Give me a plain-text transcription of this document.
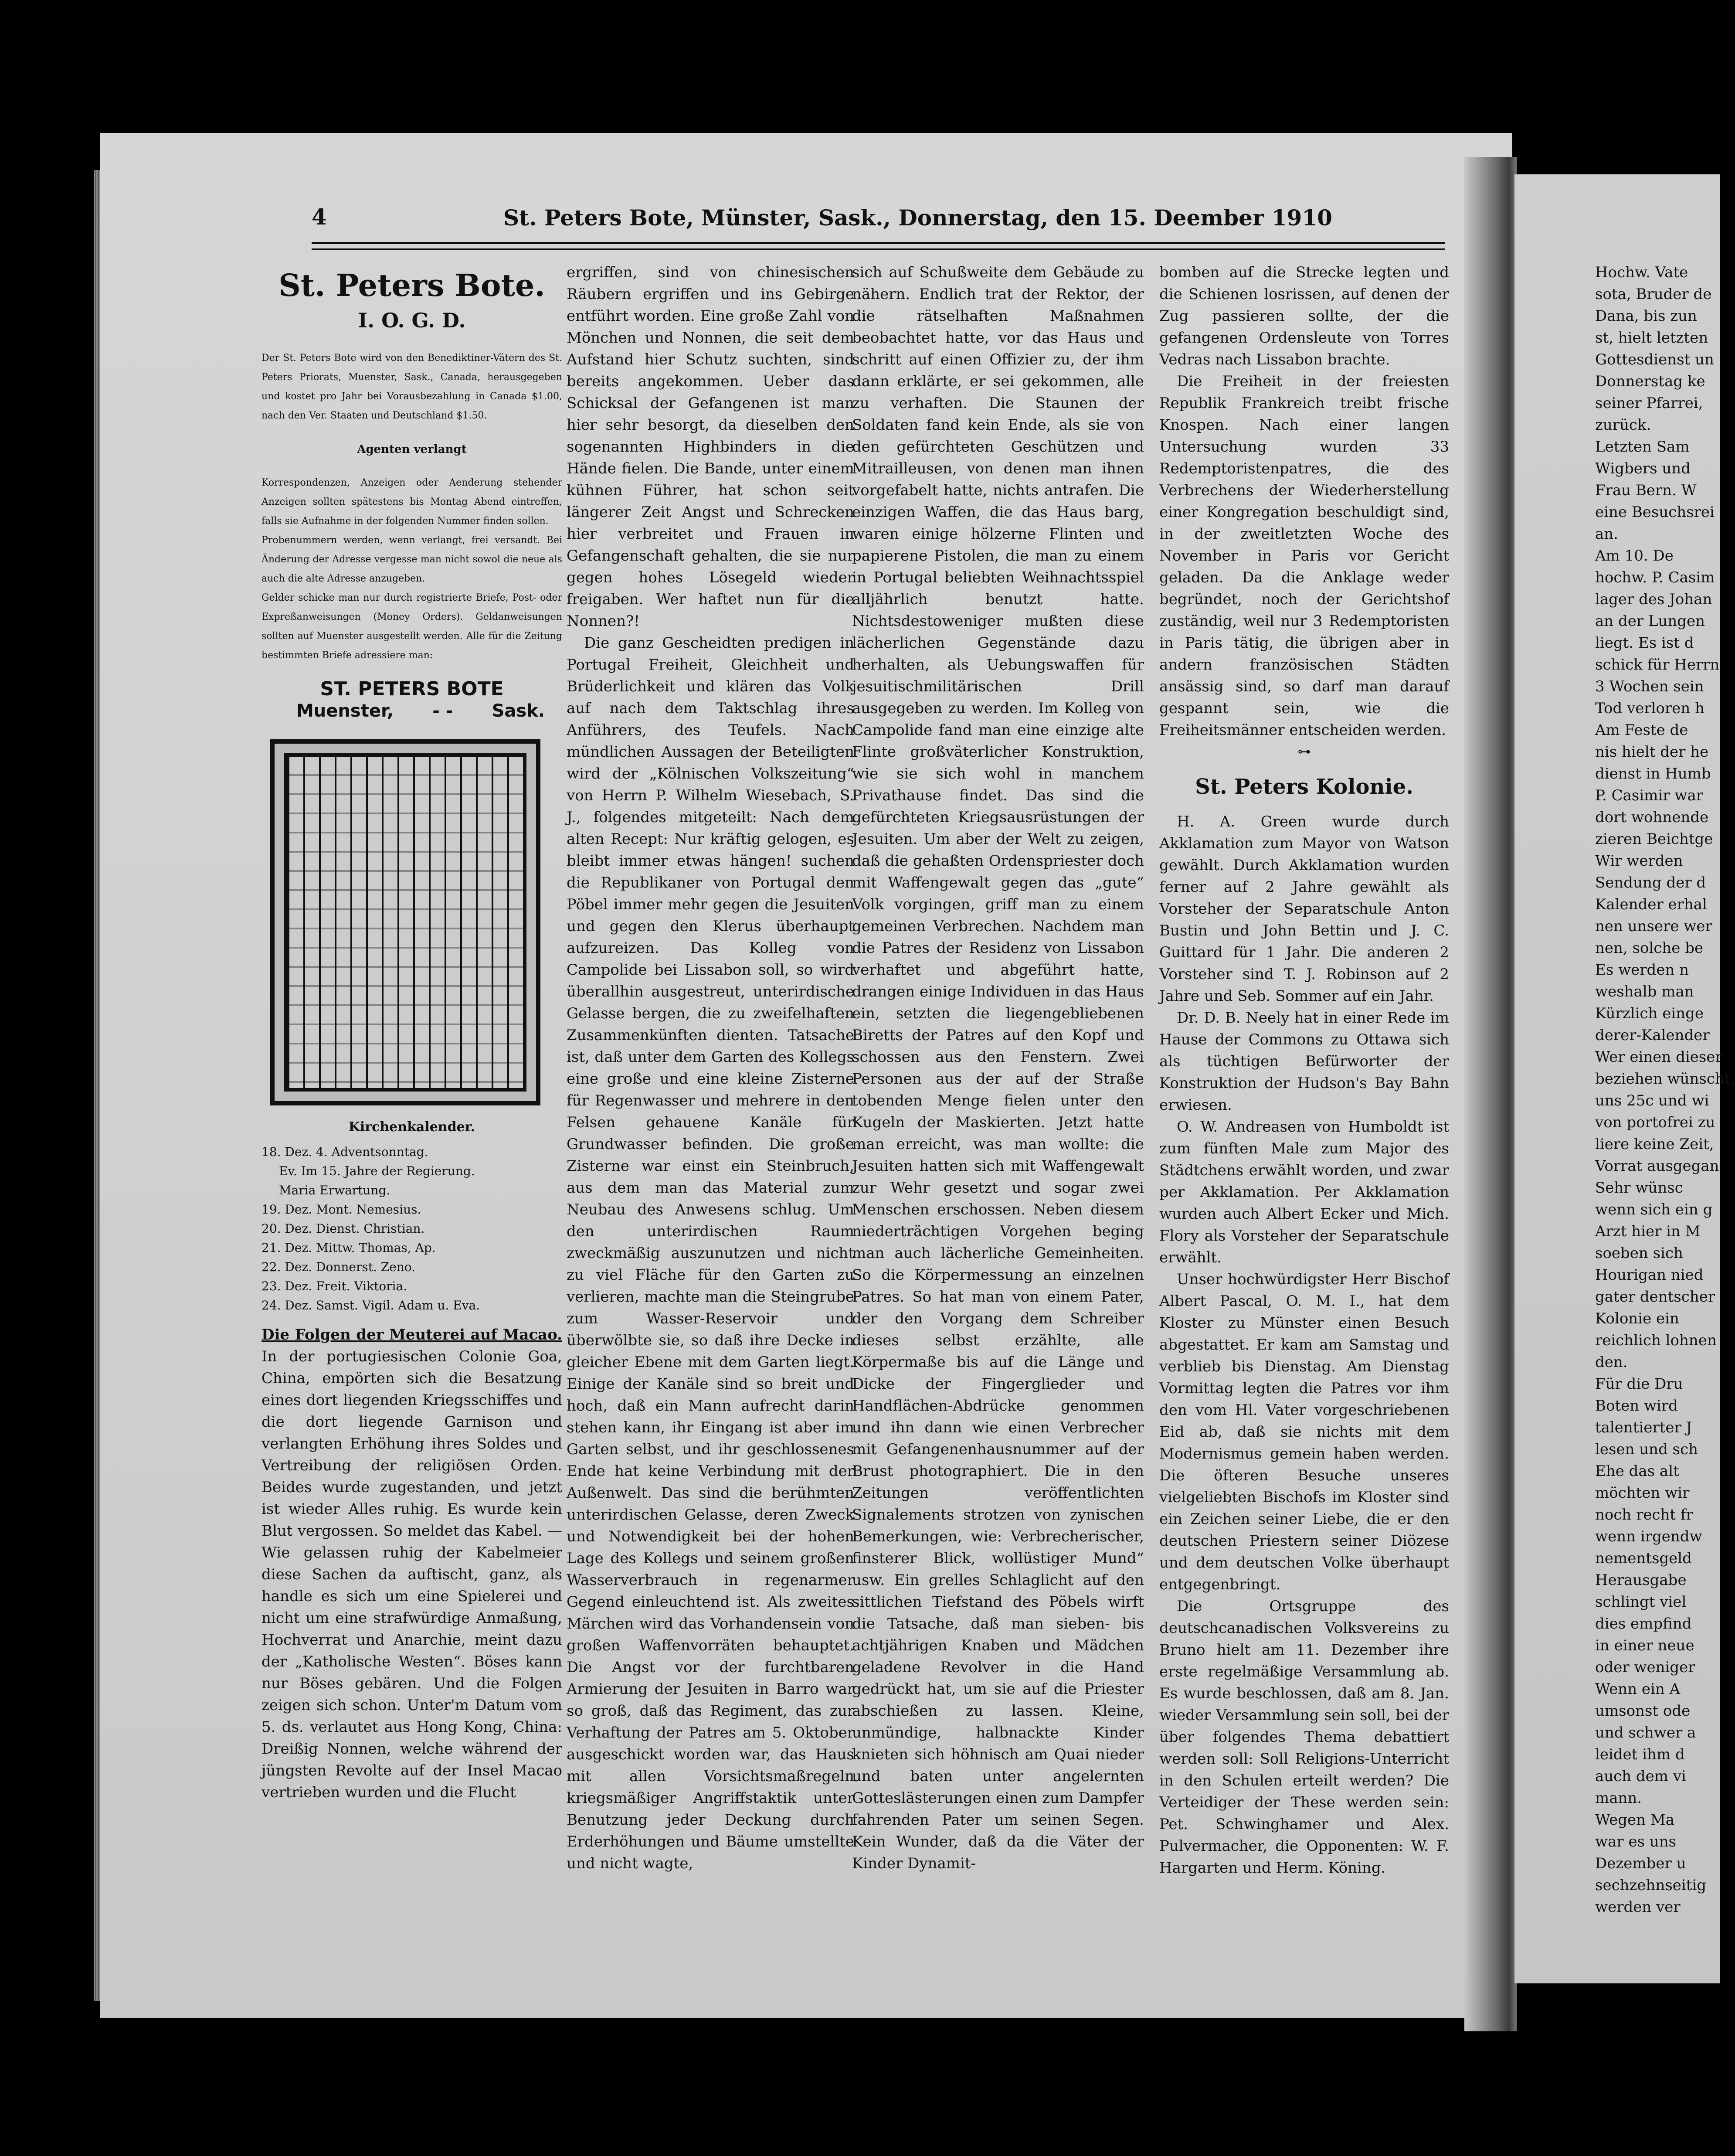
4	St. Peters Bote, Münster, Sask., Donnerstag, den 15. Deember 1910
St. Peters Bote.
I. O. G. D.

Der St. Peters Bote wird von den Benediktiner-Vätern des St. Peters Priorats, Muenster, Sask., Canada, herausgegeben und kostet pro Jahr bei Vorausbezahlung in Canada $1.00, nach den Ver. Staaten und Deutschland $1.50.

Agenten verlangt

Korrespondenzen, Anzeigen oder Aenderung stehender Anzeigen sollten spätestens bis Montag Abend eintreffen, falls sie Aufnahme in der folgenden Nummer finden sollen.

Probenummern werden, wenn verlangt, frei versandt. Bei Änderung der Adresse vergesse man nicht sowol die neue als auch die alte Adresse anzugeben.

Gelder schicke man nur durch registrierte Briefe, Post- oder Expreßanweisungen (Money Orders). Geldanweisungen sollten auf Muenster ausgestellt werden. Alle für die Zeitung bestimmten Briefe adressiere man:

ST. PETERS BOTE
Muenster, - - Sask.
Kirchenkalender.
18. Dez. 4. Adventsonntag.
Ev. Im 15. Jahre der Regierung.
Maria Erwartung.
19. Dez. Mont. Nemesius.
20. Dez. Dienst. Christian.
21. Dez. Mittw. Thomas, Ap.
22. Dez. Donnerst. Zeno.
23. Dez. Freit. Viktoria.
24. Dez. Samst. Vigil. Adam u. Eva.

Die Folgen der Meuterei auf Macao. In der portugiesischen Colonie Goa, China, empörten sich die Besatzung eines dort liegenden Kriegsschiffes und die dort liegende Garnison und verlangten Erhöhung ihres Soldes und Vertreibung der religiösen Orden. Beides wurde zugestanden, und jetzt ist wieder Alles ruhig. Es wurde kein Blut vergossen. So meldet das Kabel. — Wie gelassen ruhig der Kabelmeier diese Sachen da auftischt, ganz, als handle es sich um eine Spielerei und nicht um eine strafwürdige Anmaßung, Hochverrat und Anarchie, meint dazu der „Katholische Westen“. Böses kann nur Böses gebären. Und die Folgen zeigen sich schon. Unter'm Datum vom 5. ds. verlautet aus Hong Kong, China: Dreißig Nonnen, welche während der jüngsten Revolte auf der Insel Macao vertrieben wurden und die Flucht

ergriffen, sind von chinesischen Räubern ergriffen und ins Gebirge entführt worden. Eine große Zahl von Mönchen und Nonnen, die seit dem Aufstand hier Schutz suchten, sind bereits angekommen. Ueber das Schicksal der Gefangenen ist man hier sehr besorgt, da dieselben den sogenannten Highbinders in die Hände fielen. Die Bande, unter einem kühnen Führer, hat schon seit längerer Zeit Angst und Schrecken hier verbreitet und Frauen in Gefangenschaft gehalten, die sie nur gegen hohes Lösegeld wieder freigaben. Wer haftet nun für die Nonnen?!

Die ganz Gescheidten predigen in Portugal Freiheit, Gleichheit und Brüderlichkeit und klären das Volk auf nach dem Taktschlag ihres Anführers, des Teufels. Nach mündlichen Aussagen der Beteiligten wird der „Kölnischen Volkszeitung“ von Herrn P. Wilhelm Wiesebach, S. J., folgendes mitgeteilt: Nach dem alten Recept: Nur kräftig gelogen, es bleibt immer etwas hängen! suchen die Republikaner von Portugal den Pöbel immer mehr gegen die Jesuiten und gegen den Klerus überhaupt aufzureizen. Das Kolleg von Campolide bei Lissabon soll, so wird überallhin ausgestreut, unterirdische Gelasse bergen, die zu zweifelhaften Zusammenkünften dienten. Tatsache ist, daß unter dem Garten des Kollegs eine große und eine kleine Zisterne für Regenwasser und mehrere in den Felsen gehauene Kanäle für Grundwasser befinden. Die große Zisterne war einst ein Steinbruch, aus dem man das Material zum Neubau des Anwesens schlug. Um den unterirdischen Raum zweckmäßig auszunutzen und nicht zu viel Fläche für den Garten zu verlieren, machte man die Steingrube zum Wasser-Reservoir und überwölbte sie, so daß ihre Decke in gleicher Ebene mit dem Garten liegt. Einige der Kanäle sind so breit und hoch, daß ein Mann aufrecht darin stehen kann, ihr Eingang ist aber im Garten selbst, und ihr geschlossenes Ende hat keine Verbindung mit der Außenwelt. Das sind die berühmten unterirdischen Gelasse, deren Zweck und Notwendigkeit bei der hohen Lage des Kollegs und seinem großen Wasserverbrauch in regenarmer Gegend einleuchtend ist. Als zweites Märchen wird das Vorhandensein von großen Waffenvorräten behauptet. Die Angst vor der furchtbaren Armierung der Jesuiten in Barro war so groß, daß das Regiment, das zur Verhaftung der Patres am 5. Oktober ausgeschickt worden war, das Haus mit allen Vorsichtsmaßregeln kriegsmäßiger Angriffstaktik unter Benutzung jeder Deckung durch Erderhöhungen und Bäume umstellte und nicht wagte,

sich auf Schußweite dem Gebäude zu nähern. Endlich trat der Rektor, der die rätselhaften Maßnahmen beobachtet hatte, vor das Haus und schritt auf einen Offizier zu, der ihm dann erklärte, er sei gekommen, alle zu verhaften. Die Staunen der Soldaten fand kein Ende, als sie von den gefürchteten Geschützen und Mitrailleusen, von denen man ihnen vorgefabelt hatte, nichts antrafen. Die einzigen Waffen, die das Haus barg, waren einige hölzerne Flinten und papierene Pistolen, die man zu einem in Portugal beliebten Weihnachtsspiel alljährlich benutzt hatte. Nichtsdestoweniger mußten diese lächerlichen Gegenstände dazu herhalten, als Uebungswaffen für jesuitischmilitärischen Drill ausgegeben zu werden. Im Kolleg von Campolide fand man eine einzige alte Flinte großväterlicher Konstruktion, wie sie sich wohl in manchem Privathause findet. Das sind die gefürchteten Kriegsausrüstungen der Jesuiten. Um aber der Welt zu zeigen, daß die gehaßten Ordenspriester doch mit Waffengewalt gegen das „gute“ Volk vorgingen, griff man zu einem gemeinen Verbrechen. Nachdem man die Patres der Residenz von Lissabon verhaftet und abgeführt hatte, drangen einige Individuen in das Haus ein, setzten die liegengebliebenen Biretts der Patres auf den Kopf und schossen aus den Fenstern. Zwei Personen aus der auf der Straße tobenden Menge fielen unter den Kugeln der Maskierten. Jetzt hatte man erreicht, was man wollte: die Jesuiten hatten sich mit Waffengewalt zur Wehr gesetzt und sogar zwei Menschen erschossen. Neben diesem niederträchtigen Vorgehen beging man auch lächerliche Gemeinheiten. So die Körpermessung an einzelnen Patres. So hat man von einem Pater, der den Vorgang dem Schreiber dieses selbst erzählte, alle Körpermaße bis auf die Länge und Dicke der Fingerglieder und Handflächen-Abdrücke genommen und ihn dann wie einen Verbrecher mit Gefangenenhausnummer auf der Brust photographiert. Die in den Zeitungen veröffentlichten Signalements strotzen von zynischen Bemerkungen, wie: Verbrecherischer, finsterer Blick, wollüstiger Mund“ usw. Ein grelles Schlaglicht auf den sittlichen Tiefstand des Pöbels wirft die Tatsache, daß man sieben- bis achtjährigen Knaben und Mädchen geladene Revolver in die Hand gedrückt hat, um sie auf die Priester abschießen zu lassen. Kleine, unmündige, halbnackte Kinder knieten sich höhnisch am Quai nieder und baten unter angelernten Gotteslästerungen einen zum Dampfer fahrenden Pater um seinen Segen. Kein Wunder, daß da die Väter der Kinder Dynamit-

bomben auf die Strecke legten und die Schienen losrissen, auf denen der Zug passieren sollte, der die gefangenen Ordensleute von Torres Vedras nach Lissabon brachte.

Die Freiheit in der freiesten Republik Frankreich treibt frische Knospen. Nach einer langen Untersuchung wurden 33 Redemptoristenpatres, die des Verbrechens der Wiederherstellung einer Kongregation beschuldigt sind, in der zweitletzten Woche des November in Paris vor Gericht geladen. Da die Anklage weder begründet, noch der Gerichtshof zuständig, weil nur 3 Redemptoristen in Paris tätig, die übrigen aber in andern französischen Städten ansässig sind, so darf man darauf gespannt sein, wie die Freiheitsmänner entscheiden werden.

⊶
St. Peters Kolonie.

H. A. Green wurde durch Akklamation zum Mayor von Watson gewählt. Durch Akklamation wurden ferner auf 2 Jahre gewählt als Vorsteher der Separatschule Anton Bustin und John Bettin und J. C. Guittard für 1 Jahr. Die anderen 2 Vorsteher sind T. J. Robinson auf 2 Jahre und Seb. Sommer auf ein Jahr.

Dr. D. B. Neely hat in einer Rede im Hause der Commons zu Ottawa sich als tüchtigen Befürworter der Konstruktion der Hudson's Bay Bahn erwiesen.

O. W. Andreasen von Humboldt ist zum fünften Male zum Major des Städtchens erwählt worden, und zwar per Akklamation. Per Akklamation wurden auch Albert Ecker und Mich. Flory als Vorsteher der Separatschule erwählt.

Unser hochwürdigster Herr Bischof Albert Pascal, O. M. I., hat dem Kloster zu Münster einen Besuch abgestattet. Er kam am Samstag und verblieb bis Dienstag. Am Dienstag Vormittag legten die Patres vor ihm den vom Hl. Vater vorgeschriebenen Eid ab, daß sie nichts mit dem Modernismus gemein haben werden. Die öfteren Besuche unseres vielgeliebten Bischofs im Kloster sind ein Zeichen seiner Liebe, die er den deutschen Priestern seiner Diözese und dem deutschen Volke überhaupt entgegenbringt.

Die Ortsgruppe des deutschcanadischen Volksvereins zu Bruno hielt am 11. Dezember ihre erste regelmäßige Versammlung ab. Es wurde beschlossen, daß am 8. Jan. wieder Versammlung sein soll, bei der über folgendes Thema debattiert werden soll: Soll Religions-Unterricht in den Schulen erteilt werden? Die Verteidiger der These werden sein: Pet. Schwinghamer und Alex. Pulvermacher, die Opponenten: W. F. Hargarten und Herm. Köning.

Hochw. Vate
sota, Bruder de
Dana, bis zun
st, hielt letzten
Gottesdienst un
Donnerstag ke
seiner Pfarrei,
zurück.
Letzten Sam
Wigbers und
Frau Bern. W
eine Besuchsrei
an.
Am 10. De
hochw. P. Casim
lager des Johan
an der Lungen
liegt. Es ist d
schick für Herrn
3 Wochen sein
Tod verloren h
Am Feste de
nis hielt der he
dienst in Humb
P. Casimir war
dort wohnende
zieren Beichtge
Wir werden
Sendung der d
Kalender erhal
nen unsere wer
nen, solche be
Es werden n
weshalb man
Kürzlich einge
derer-Kalender
Wer einen dieser
beziehen wünscht,
uns 25c und wi
von portofrei zu
liere keine Zeit,
Vorrat ausgegan
Sehr wünsc
wenn sich ein g
Arzt hier in M
soeben sich
Hourigan nied
gater dentscher
Kolonie ein
reichlich lohnen
den.
Für die Dru
Boten wird
talentierter J
lesen und sch
Ehe das alt
möchten wir
noch recht fr
wenn irgendw
nementsgeld
Herausgabe
schlingt viel
dies empfind
in einer neue
oder weniger
Wenn ein A
umsonst ode
und schwer a
leidet ihm d
auch dem vi
mann.
Wegen Ma
war es uns
Dezember u
sechzehnseitig
werden ver
